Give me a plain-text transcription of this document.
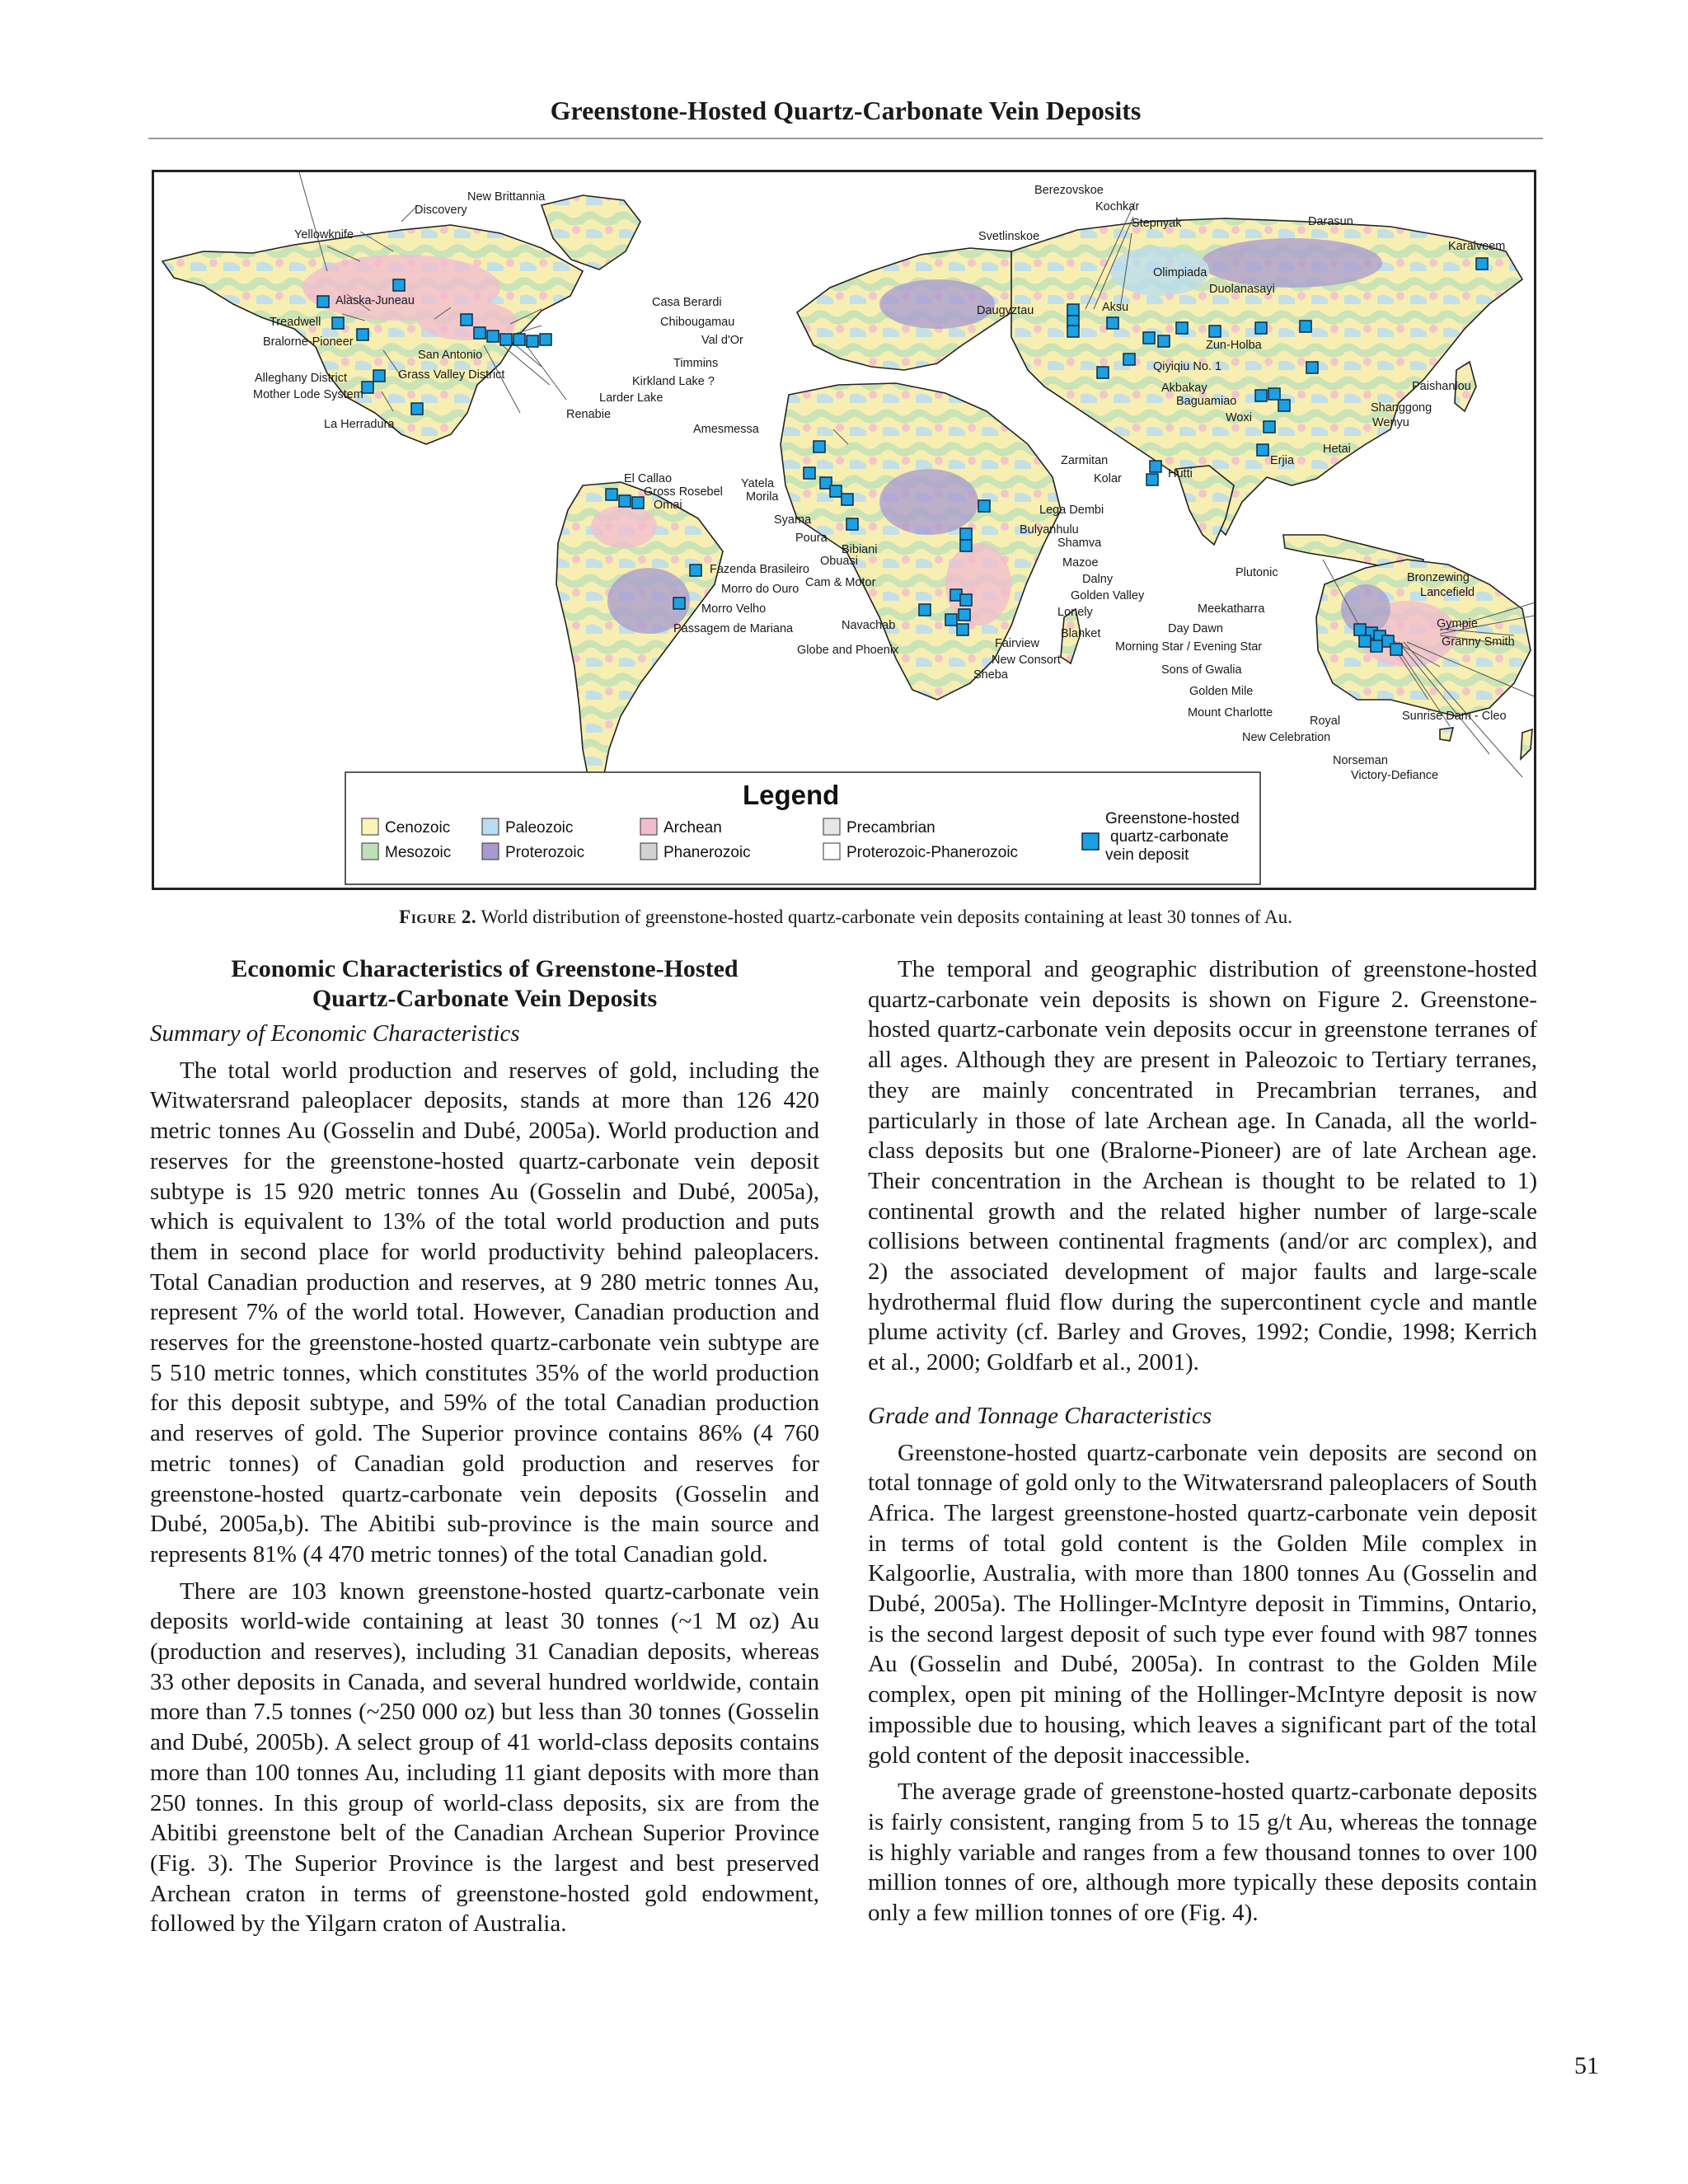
Greenstone-Hosted Quartz-Carbonate Vein Deposits
New Brittannia
Discovery
Yellowknife
Alaska-Juneau
Treadwell
Bralorne-Pioneer
San Antonio
Grass Valley District
Alleghany District
Mother Lode System
La Herradura
Casa Berardi
Chibougamau
Val d'Or
Timmins
Kirkland Lake ?
Larder Lake
Renabie
Amesmessa
El Callao
Gross Rosebel
Omai
Yatela
Morila
Syama
Poura
Bibiani
Obuasi
Fazenda Brasileiro
Morro do Ouro
Morro Velho
Passagem de Mariana
Cam & Motor
Navachab
Globe and Phoenix	Fairview
New Consort
Sheba
Blanket
Lonely
Golden Valley
Dalny
Mazoe
Shamva
Bulyanhulu
Lega Dembi
Zarmitan
Kolar	Hutti
Berezovskoe
Kochkar
Stepnyak
Svetlinskoe
Darasun
Karalveem
Olimpiada
Duolanasayi
Daugyztau	Aksu
Zun-Holba
Qiyiqiu No. 1
Akbakay
Baguamiao
Woxi
Paishanlou
Shanggong
Wenyu
Hetai
Erjia
Plutonic
Meekatharra
Day Dawn
Morning Star / Evening Star
Sons of Gwalia
Golden Mile
Mount Charlotte
Royal
New Celebration
Norseman
Victory-Defiance
Sunrise Dam - Cleo
Bronzewing
Lancefield
Gympie
Granny Smith
Legend
Cenozoic
Mesozoic
Paleozoic
Proterozoic
Archean
Phanerozoic
Precambrian
Proterozoic-Phanerozoic
Greenstone-hosted
quartz-carbonate
vein deposit
Figure 2. World distribution of greenstone-hosted quartz-carbonate vein deposits containing at least 30 tonnes of Au.
Economic Characteristics of Greenstone-Hosted
Quartz-Carbonate Vein Deposits
Summary of Economic Characteristics

The total world production and reserves of gold, including the Witwatersrand paleoplacer deposits, stands at more than 126 420 metric tonnes Au (Gosselin and Dubé, 2005a). World production and reserves for the greenstone-hosted quartz-carbonate vein deposit subtype is 15 920 metric tonnes Au (Gosselin and Dubé, 2005a), which is equivalent to 13% of the total world production and puts them in second place for world productivity behind paleoplacers. Total Canadian production and reserves, at 9 280 metric tonnes Au, represent 7% of the world total. However, Canadian production and reserves for the greenstone-hosted quartz-carbonate vein subtype are 5 510 metric tonnes, which constitutes 35% of the world production for this deposit subtype, and 59% of the total Canadian production and reserves of gold. The Superior province contains 86% (4 760 metric tonnes) of Canadian gold production and reserves for greenstone-hosted quartz-carbonate vein deposits (Gosselin and Dubé, 2005a,b). The Abitibi sub-province is the main source and represents 81% (4 470 metric tonnes) of the total Canadian gold.

There are 103 known greenstone-hosted quartz-carbonate vein deposits world-wide containing at least 30 tonnes (~1 M oz) Au (production and reserves), including 31 Canadian deposits, whereas 33 other deposits in Canada, and several hundred worldwide, contain more than 7.5 tonnes (~250 000 oz) but less than 30 tonnes (Gosselin and Dubé, 2005b). A select group of 41 world-class deposits contains more than 100 tonnes Au, including 11 giant deposits with more than 250 tonnes. In this group of world-class deposits, six are from the Abitibi greenstone belt of the Canadian Archean Superior Province (Fig. 3). The Superior Province is the largest and best preserved Archean craton in terms of greenstone-hosted gold endowment, followed by the Yilgarn craton of Australia.

The temporal and geographic distribution of greenstone-hosted quartz-carbonate vein deposits is shown on Figure 2. Greenstone-hosted quartz-carbonate vein deposits occur in greenstone terranes of all ages. Although they are present in Paleozoic to Tertiary terranes, they are mainly concentrated in Precambrian terranes, and particularly in those of late Archean age. In Canada, all the world-class deposits but one (Bralorne-Pioneer) are of late Archean age. Their concentration in the Archean is thought to be related to 1) continental growth and the related higher number of large-scale collisions between continental fragments (and/or arc complex), and 2) the associated development of major faults and large-scale hydrothermal fluid flow during the supercontinent cycle and mantle plume activity (cf. Barley and Groves, 1992; Condie, 1998; Kerrich et al., 2000; Goldfarb et al., 2001).

Grade and Tonnage Characteristics

Greenstone-hosted quartz-carbonate vein deposits are second on total tonnage of gold only to the Witwatersrand paleoplacers of South Africa. The largest greenstone-hosted quartz-carbonate vein deposit in terms of total gold content is the Golden Mile complex in Kalgoorlie, Australia, with more than 1800 tonnes Au (Gosselin and Dubé, 2005a). The Hollinger-McIntyre deposit in Timmins, Ontario, is the second largest deposit of such type ever found with 987 tonnes Au (Gosselin and Dubé, 2005a). In contrast to the Golden Mile complex, open pit mining of the Hollinger-McIntyre deposit is now impossible due to housing, which leaves a significant part of the total gold content of the deposit inaccessible.

The average grade of greenstone-hosted quartz-carbonate deposits is fairly consistent, ranging from 5 to 15 g/t Au, whereas the tonnage is highly variable and ranges from a few thousand tonnes to over 100 million tonnes of ore, although more typically these deposits contain only a few million tonnes of ore (Fig. 4).

51
